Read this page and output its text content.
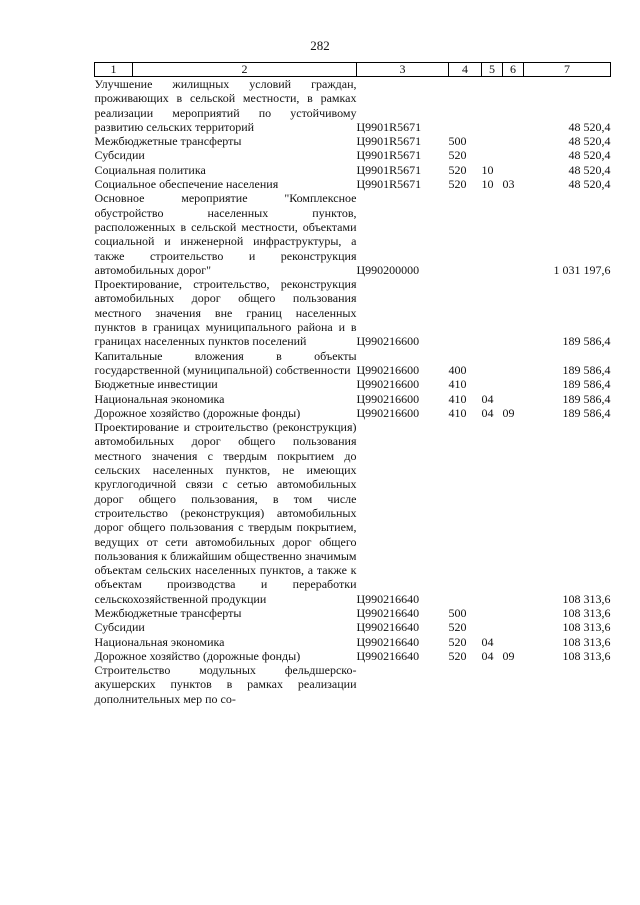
282
1	2	3	4	5	6	7
Улучшение жилищных условий граждан, проживающих в сельской местности, в рамках реализации мероприятий по устойчивому развитию сельских территорий		Ц9901R5671				48 520,4
Межбюджетные трансферты		Ц9901R5671	500			48 520,4
Субсидии		Ц9901R5671	520			48 520,4
Социальная политика		Ц9901R5671	520	10		48 520,4
Социальное обеспечение населения		Ц9901R5671	520	10	03	48 520,4
Основное мероприятие "Комплексное обустройство населенных пунктов, расположенных в сельской местности, объектами социальной и инженерной инфраструктуры, а также строительство и реконструкция автомобильных дорог"		Ц990200000				1 031 197,6
Проектирование, строительство, реконструкция автомобильных дорог общего пользования местного значения вне границ населенных пунктов в границах муниципального района и в границах населенных пунктов поселений		Ц990216600				189 586,4
Капитальные вложения в объекты государственной (муниципальной) собственности		Ц990216600	400			189 586,4
Бюджетные инвестиции		Ц990216600	410			189 586,4
Национальная экономика		Ц990216600	410	04		189 586,4
Дорожное хозяйство (дорожные фонды)		Ц990216600	410	04	09	189 586,4
Проектирование и строительство (реконструкция) автомобильных дорог общего пользования местного значения с твердым покрытием до сельских населенных пунктов, не имеющих круглогодичной связи с сетью автомобильных дорог общего пользования, в том числе строительство (реконструкция) автомобильных дорог общего пользования с твердым покрытием, ведущих от сети автомобильных дорог общего пользования к ближайшим общественно значимым объектам сельских населенных пунктов, а также к объектам производства и переработки сельскохозяйственной продукции		Ц990216640				108 313,6
Межбюджетные трансферты		Ц990216640	500			108 313,6
Субсидии		Ц990216640	520			108 313,6
Национальная экономика		Ц990216640	520	04		108 313,6
Дорожное хозяйство (дорожные фонды)		Ц990216640	520	04	09	108 313,6
Строительство модульных фельдшерско-акушерских пунктов в рамках реализации дополнительных мер по со-						
